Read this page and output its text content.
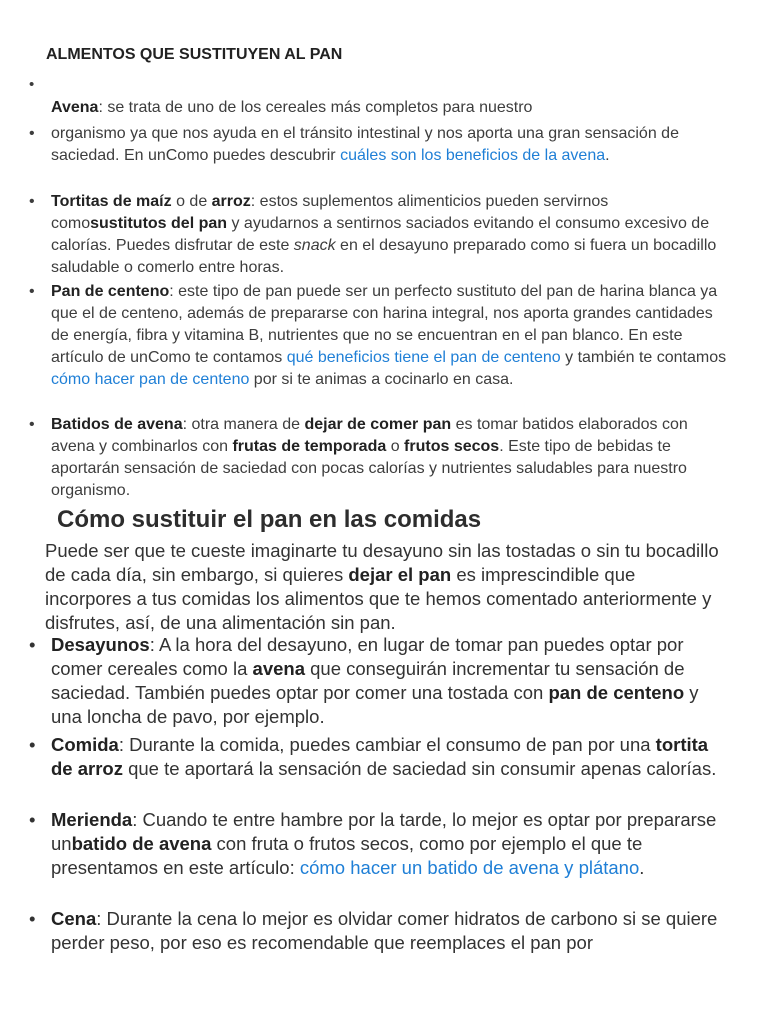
ALMENTOS QUE SUSTITUYEN AL PAN
•
Avena: se trata de uno de los cereales más completos para nuestro
• organismo ya que nos ayuda en el tránsito intestinal y nos aporta una gran sensación de saciedad. En unComo puedes descubrir cuáles son los beneficios de la avena.
• Tortitas de maíz o de arroz: estos suplementos alimenticios pueden servirnos comosustitutos del pan y ayudarnos a sentirnos saciados evitando el consumo excesivo de calorías. Puedes disfrutar de este snack en el desayuno preparado como si fuera un bocadillo saludable o comerlo entre horas.
• Pan de centeno: este tipo de pan puede ser un perfecto sustituto del pan de harina blanca ya que el de centeno, además de prepararse con harina integral, nos aporta grandes cantidades de energía, fibra y vitamina B, nutrientes que no se encuentran en el pan blanco. En este artículo de unComo te contamos qué beneficios tiene el pan de centeno y también te contamos cómo hacer pan de centeno por si te animas a cocinarlo en casa.
• Batidos de avena: otra manera de dejar de comer pan es tomar batidos elaborados con avena y combinarlos con frutas de temporada o frutos secos. Este tipo de bebidas te aportarán sensación de saciedad con pocas calorías y nutrientes saludables para nuestro organismo.
Cómo sustituir el pan en las comidas
Puede ser que te cueste imaginarte tu desayuno sin las tostadas o sin tu bocadillo de cada día, sin embargo, si quieres dejar el pan es imprescindible que incorpores a tus comidas los alimentos que te hemos comentado anteriormente y disfrutes, así, de una alimentación sin pan.
• Desayunos: A la hora del desayuno, en lugar de tomar pan puedes optar por comer cereales como la avena que conseguirán incrementar tu sensación de saciedad. También puedes optar por comer una tostada con pan de centeno y una loncha de pavo, por ejemplo.
• Comida: Durante la comida, puedes cambiar el consumo de pan por una tortita de arroz que te aportará la sensación de saciedad sin consumir apenas calorías.
• Merienda: Cuando te entre hambre por la tarde, lo mejor es optar por prepararse unbatido de avena con fruta o frutos secos, como por ejemplo el que te presentamos en este artículo: cómo hacer un batido de avena y plátano.
• Cena: Durante la cena lo mejor es olvidar comer hidratos de carbono si se quiere perder peso, por eso es recomendable que reemplaces el pan por
